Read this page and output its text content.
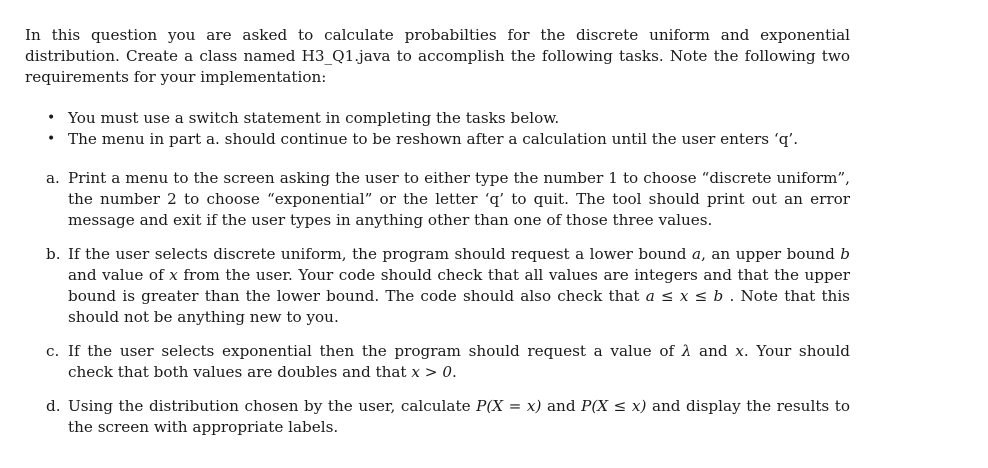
In this question you are asked to calculate probabilties for the discrete uniform and exponential distribution. Create a class named H3_Q1.java to accomplish the following tasks. Note the following two requirements for your implementation:

• You must use a switch statement in completing the tasks below.
• The menu in part a. should continue to be reshown after a calculation until the user enters ‘q’.
a. Print a menu to the screen asking the user to either type the number 1 to choose “discrete uniform”, the number 2 to choose “exponential” or the letter ‘q’ to quit. The tool should print out an error message and exit if the user types in anything other than one of those three values.
b. If the user selects discrete uniform, the program should request a lower bound a, an upper bound b and value of x from the user. Your code should check that all values are integers and that the upper bound is greater than the lower bound. The code should also check that a ≤ x ≤ b . Note that this should not be anything new to you.
c. If the user selects exponential then the program should request a value of λ and x. Your should check that both values are doubles and that x > 0.
d. Using the distribution chosen by the user, calculate P(X = x) and P(X ≤ x) and display the results to the screen with appropriate labels.
